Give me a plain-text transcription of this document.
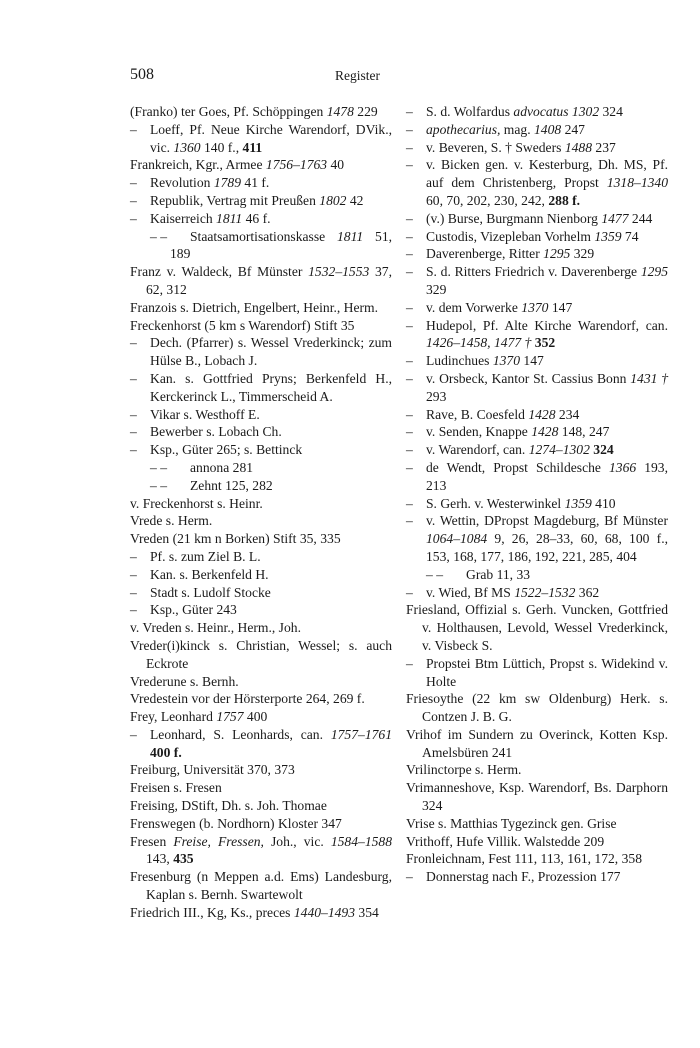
508	Register

(Franko) ter Goes, Pf. Schöppingen 1478 229

– Loeff, Pf. Neue Kirche Warendorf, DVik., vic. 1360 140 f., 411

Frankreich, Kgr., Armee 1756–1763 40

– Revolution 1789 41 f.

– Republik, Vertrag mit Preußen 1802 42

– Kaiserreich 1811 46 f.

– – Staatsamortisationskasse 1811 51, 189

Franz v. Waldeck, Bf Münster 1532–1553 37, 62, 312

Franzois s. Dietrich, Engelbert, Heinr., Herm.

Freckenhorst (5 km s Warendorf) Stift 35

– Dech. (Pfarrer) s. Wessel Vrederkinck; zum Hülse B., Lobach J.

– Kan. s. Gottfried Pryns; Berkenfeld H., Kerckerinck L., Timmerscheid A.

– Vikar s. Westhoff E.

– Bewerber s. Lobach Ch.

– Ksp., Güter 265; s. Bettinck

– – annona 281

– – Zehnt 125, 282

v. Freckenhorst s. Heinr.

Vrede s. Herm.

Vreden (21 km n Borken) Stift 35, 335

– Pf. s. zum Ziel B. L.

– Kan. s. Berkenfeld H.

– Stadt s. Ludolf Stocke

– Ksp., Güter 243

v. Vreden s. Heinr., Herm., Joh.

Vreder(i)kinck s. Christian, Wessel; s. auch Eckrote

Vrederune s. Bernh.

Vredestein vor der Hörsterporte 264, 269 f.

Frey, Leonhard 1757 400

– Leonhard, S. Leonhards, can. 1757–1761 400 f.

Freiburg, Universität 370, 373

Freisen s. Fresen

Freising, DStift, Dh. s. Joh. Thomae

Frenswegen (b. Nordhorn) Kloster 347

Fresen Freise, Fressen, Joh., vic. 1584–1588 143, 435

Fresenburg (n Meppen a.d. Ems) Landesburg, Kaplan s. Bernh. Swartewolt

Friedrich III., Kg, Ks., preces 1440–1493 354

– S. d. Wolfardus advocatus 1302 324

– apothecarius, mag. 1408 247

– v. Beveren, S. † Sweders 1488 237

– v. Bicken gen. v. Kesterburg, Dh. MS, Pf. auf dem Christenberg, Propst 1318–1340 60, 70, 202, 230, 242, 288 f.

– (v.) Burse, Burgmann Nienborg 1477 244

– Custodis, Vizepleban Vorhelm 1359 74

– Daverenberge, Ritter 1295 329

– S. d. Ritters Friedrich v. Daverenberge 1295 329

– v. dem Vorwerke 1370 147

– Hudepol, Pf. Alte Kirche Warendorf, can. 1426–1458, 1477 † 352

– Ludinchues 1370 147

– v. Orsbeck, Kantor St. Cassius Bonn 1431 † 293

– Rave, B. Coesfeld 1428 234

– v. Senden, Knappe 1428 148, 247

– v. Warendorf, can. 1274–1302 324

– de Wendt, Propst Schildesche 1366 193, 213

– S. Gerh. v. Westerwinkel 1359 410

– v. Wettin, DPropst Magdeburg, Bf Münster 1064–1084 9, 26, 28–33, 60, 68, 100 f., 153, 168, 177, 186, 192, 221, 285, 404

– – Grab 11, 33

– v. Wied, Bf MS 1522–1532 362

Friesland, Offizial s. Gerh. Vuncken, Gottfried v. Holthausen, Levold, Wessel Vrederkinck, v. Visbeck S.

– Propstei Btm Lüttich, Propst s. Widekind v. Holte

Friesoythe (22 km sw Oldenburg) Herk. s. Contzen J. B. G.

Vrihof im Sundern zu Overinck, Kotten Ksp. Amelsbüren 241

Vrilinctorpe s. Herm.

Vrimanneshove, Ksp. Warendorf, Bs. Darphorn 324

Vrise s. Matthias Tygezinck gen. Grise

Vrithoff, Hufe Villik. Walstedde 209

Fronleichnam, Fest 111, 113, 161, 172, 358

– Donnerstag nach F., Prozession 177
